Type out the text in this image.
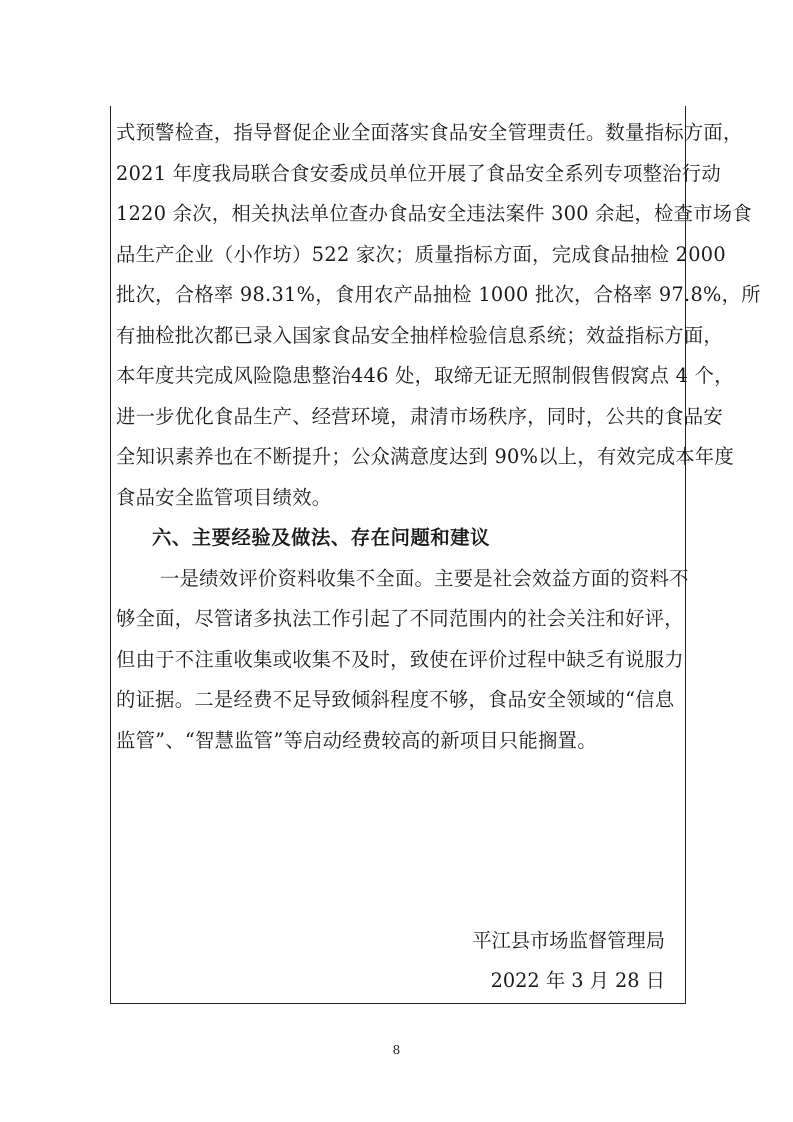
式预警检查，指导督促企业全面落实食品安全管理责任。数量指标方面，
2021 年度我局联合食安委成员单位开展了食品安全系列专项整治行动
1220 余次，相关执法单位查办食品安全违法案件 300 余起，检查市场食
品生产企业（小作坊）522 家次；质量指标方面，完成食品抽检 2000
批次，合格率 98.31%，食用农产品抽检 1000 批次，合格率 97.8%，所
有抽检批次都已录入国家食品安全抽样检验信息系统；效益指标方面，
本年度共完成风险隐患整治446 处，取缔无证无照制假售假窝点 4 个，
进一步优化食品生产、经营环境，肃清市场秩序，同时，公共的食品安
全知识素养也在不断提升；公众满意度达到 90%以上，有效完成本年度
食品安全监管项目绩效。
六、主要经验及做法、存在问题和建议
一是绩效评价资料收集不全面。主要是社会效益方面的资料不
够全面，尽管诸多执法工作引起了不同范围内的社会关注和好评，
但由于不注重收集或收集不及时，致使在评价过程中缺乏有说服力
的证据。二是经费不足导致倾斜程度不够，食品安全领域的“信息
监管”、“智慧监管”等启动经费较高的新项目只能搁置。
平江县市场监督管理局
2022 年 3 月 28 日
8
